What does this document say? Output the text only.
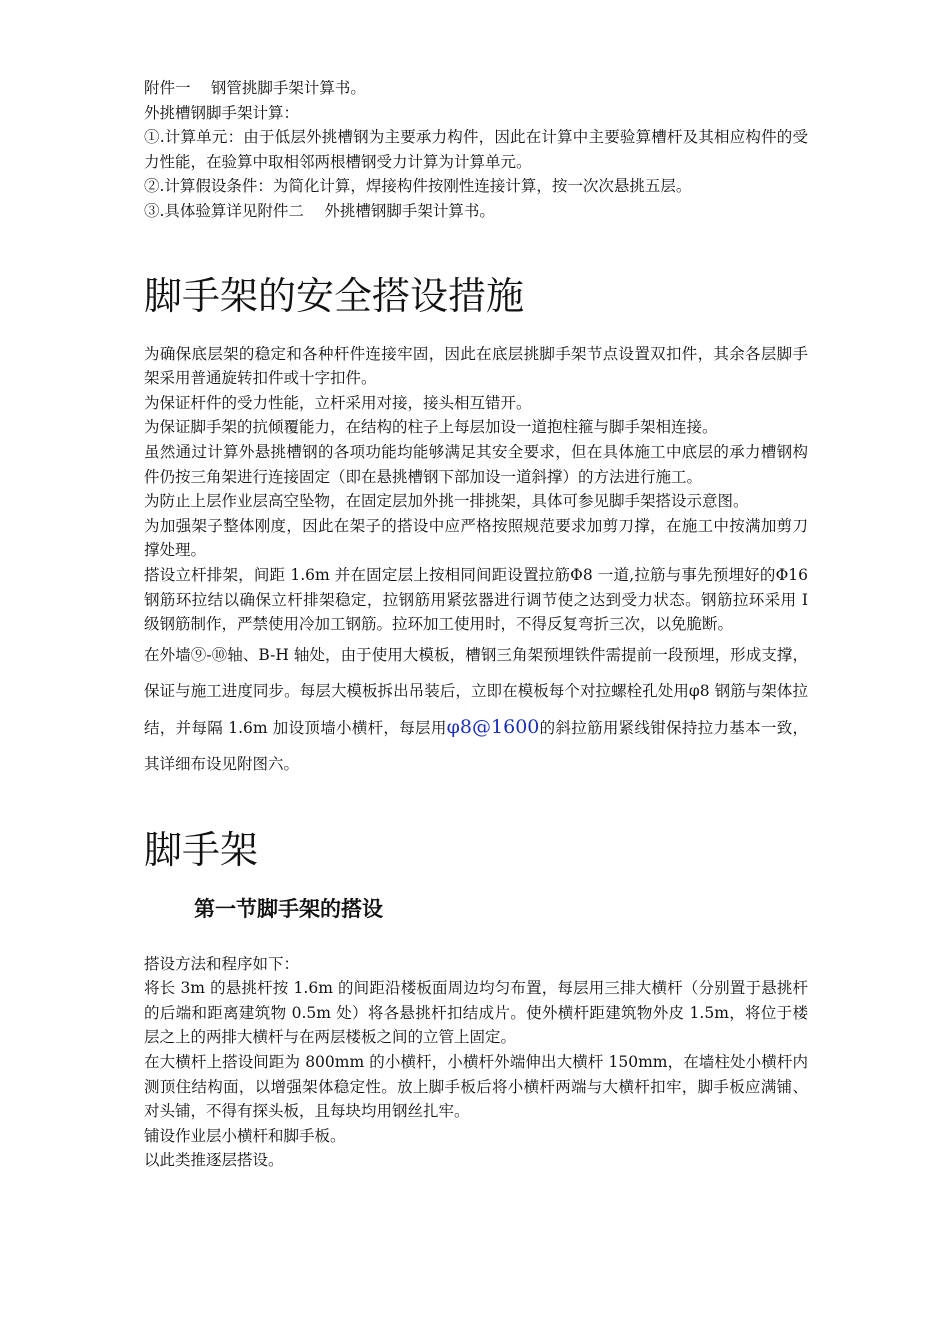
附件一　 钢管挑脚手架计算书。

外挑槽钢脚手架计算：

①.计算单元：由于低层外挑槽钢为主要承力构件，因此在计算中主要验算槽杆及其相应构件的受力性能，在验算中取相邻两根槽钢受力计算为计算单元。

②.计算假设条件：为简化计算，焊接构件按刚性连接计算，按一次次悬挑五层。

③.具体验算详见附件二　 外挑槽钢脚手架计算书。

脚手架的安全搭设措施

为确保底层架的稳定和各种杆件连接牢固，因此在底层挑脚手架节点设置双扣件，其余各层脚手架采用普通旋转扣件或十字扣件。

为保证杆件的受力性能，立杆采用对接，接头相互错开。

为保证脚手架的抗倾覆能力，在结构的柱子上每层加设一道抱柱箍与脚手架相连接。

虽然通过计算外悬挑槽钢的各项功能均能够满足其安全要求，但在具体施工中底层的承力槽钢构件仍按三角架进行连接固定（即在悬挑槽钢下部加设一道斜撑）的方法进行施工。

为防止上层作业层高空坠物，在固定层加外挑一排挑架，具体可参见脚手架搭设示意图。

为加强架子整体刚度，因此在架子的搭设中应严格按照规范要求加剪刀撑，在施工中按满加剪刀撑处理。

搭设立杆排架，间距 1.6m 并在固定层上按相同间距设置拉筋Φ8 一道,拉筋与事先预埋好的Φ16 钢筋环拉结以确保立杆排架稳定，拉钢筋用紧弦器进行调节使之达到受力状态。钢筋拉环采用 I 级钢筋制作，严禁使用冷加工钢筋。拉环加工使用时，不得反复弯折三次，以免脆断。

在外墙⑨-⑩轴、B-H 轴处，由于使用大模板，槽钢三角架预埋铁件需提前一段预埋，形成支撑，保证与施工进度同步。每层大模板拆出吊装后，立即在模板每个对拉螺栓孔处用φ8 钢筋与架体拉结，并每隔 1.6m 加设顶墙小横杆，每层用φ8@1600的斜拉筋用紧线钳保持拉力基本一致，其详细布设见附图六。

脚手架
第一节脚手架的搭设

搭设方法和程序如下：

将长 3m 的悬挑杆按 1.6m 的间距沿楼板面周边均匀布置，每层用三排大横杆（分别置于悬挑杆的后端和距离建筑物 0.5m 处）将各悬挑杆扣结成片。使外横杆距建筑物外皮 1.5m，将位于楼层之上的两排大横杆与在两层楼板之间的立管上固定。

在大横杆上搭设间距为 800mm 的小横杆，小横杆外端伸出大横杆 150mm，在墙柱处小横杆内测顶住结构面，以增强架体稳定性。放上脚手板后将小横杆两端与大横杆扣牢，脚手板应满铺、对头铺，不得有探头板，且每块均用钢丝扎牢。

铺设作业层小横杆和脚手板。

以此类推逐层搭设。
